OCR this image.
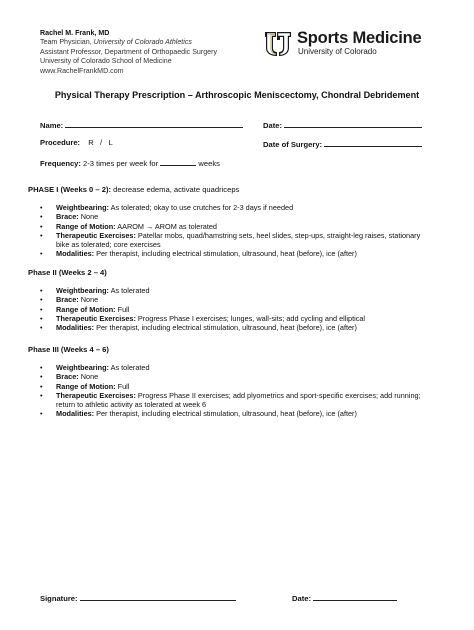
Rachel M. Frank, MD
Team Physician, University of Colorado Athletics
Assistant Professor, Department of Orthopaedic Surgery
University of Colorado School of Medicine
www.RachelFrankMD.com
Sports Medicine
University of Colorado
Physical Therapy Prescription – Arthroscopic Meniscectomy, Chondral Debridement
Name:	Date:
Procedure: R   /   L	Date of Surgery:
Frequency: 2-3 times per week for	weeks
PHASE I (Weeks 0 – 2): decrease edema, activate quadriceps
• Weightbearing: As tolerated; okay to use crutches for 2-3 days if needed
• Brace: None
• Range of Motion: AAROM → AROM as tolerated
• Therapeutic Exercises: Patellar mobs, quad/hamstring sets, heel slides, step-ups, straight-leg raises, stationary bike as tolerated; core exercises
• Modalities: Per therapist, including electrical stimulation, ultrasound, heat (before), ice (after)
Phase II (Weeks 2 – 4)
• Weightbearing: As tolerated
• Brace: None
• Range of Motion: Full
• Therapeutic Exercises: Progress Phase I exercises; lunges, wall-sits; add cycling and elliptical
• Modalities: Per therapist, including electrical stimulation, ultrasound, heat (before), ice (after)
Phase III (Weeks 4 – 6)
• Weightbearing: As tolerated
• Brace: None
• Range of Motion: Full
• Therapeutic Exercises: Progress Phase II exercises; add plyometrics and sport-specific exercises; add running; return to athletic activity as tolerated at week 6
• Modalities: Per therapist, including electrical stimulation, ultrasound, heat (before), ice (after)
Signature:	Date:
